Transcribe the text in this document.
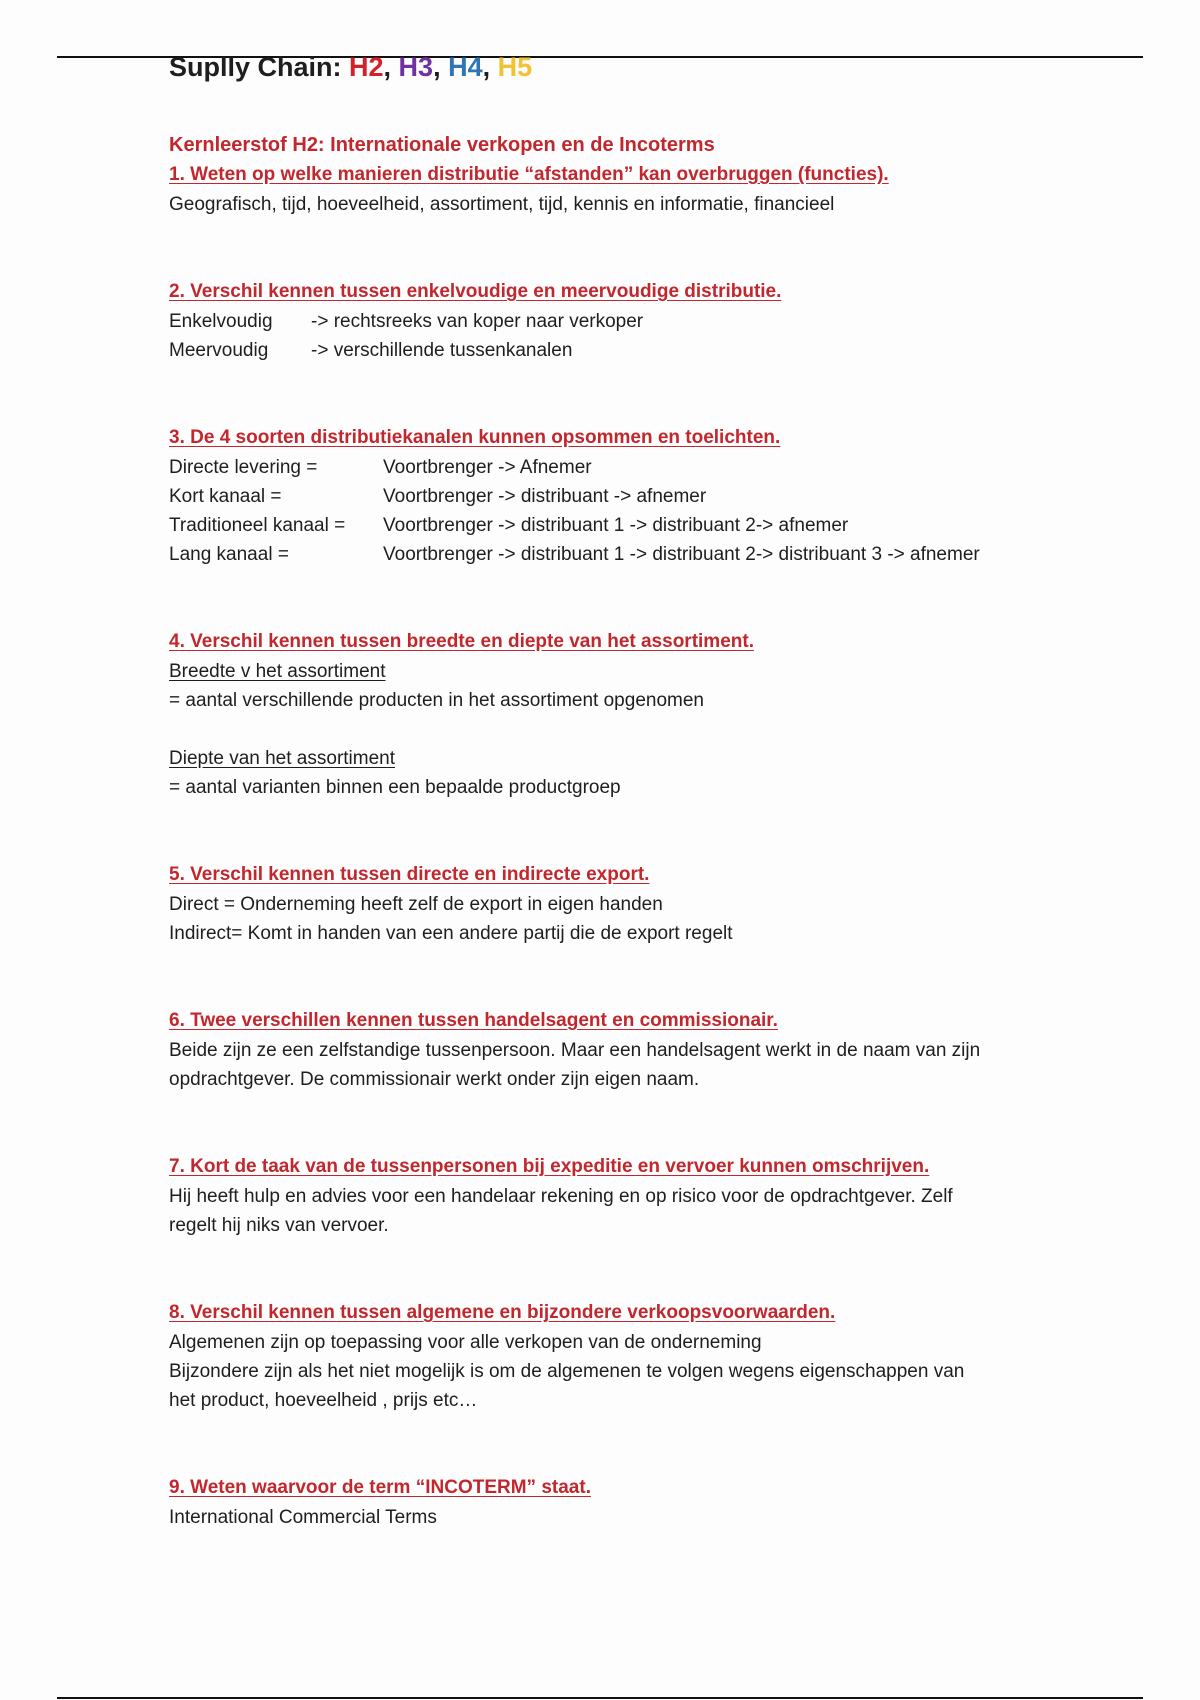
Suplly Chain: H2, H3, H4, H5

Kernleerstof H2: Internationale verkopen en de Incoterms

1. Weten op welke manieren distributie “afstanden” kan overbruggen (functies).

Geografisch, tijd, hoeveelheid, assortiment, tijd, kennis en informatie, financieel

2. Verschil kennen tussen enkelvoudige en meervoudige distributie.

Enkelvoudig	-> rechtsreeks van koper naar verkoper
Meervoudig	-> verschillende tussenkanalen

3. De 4 soorten distributiekanalen kunnen opsommen en toelichten.

Directe levering =	Voortbrenger -> Afnemer
Kort kanaal =	Voortbrenger -> distribuant -> afnemer
Traditioneel kanaal =	Voortbrenger -> distribuant 1 -> distribuant 2-> afnemer
Lang kanaal =	Voortbrenger -> distribuant 1 -> distribuant 2-> distribuant 3 -> afnemer

4. Verschil kennen tussen breedte en diepte van het assortiment.

Breedte v het assortiment

= aantal verschillende producten in het assortiment opgenomen

Diepte van het assortiment

= aantal varianten binnen een bepaalde productgroep

5. Verschil kennen tussen directe en indirecte export.

Direct = Onderneming heeft zelf de export in eigen handen

Indirect= Komt in handen van een andere partij die de export regelt

6. Twee verschillen kennen tussen handelsagent en commissionair.

Beide zijn ze een zelfstandige tussenpersoon. Maar een handelsagent werkt in de naam van zijn

opdrachtgever. De commissionair werkt onder zijn eigen naam.

7. Kort de taak van de tussenpersonen bij expeditie en vervoer kunnen omschrijven.

Hij heeft hulp en advies voor een handelaar rekening en op risico voor de opdrachtgever. Zelf

regelt hij niks van vervoer.

8. Verschil kennen tussen algemene en bijzondere verkoopsvoorwaarden.

Algemenen zijn op toepassing voor alle verkopen van de onderneming

Bijzondere zijn als het niet mogelijk is om de algemenen te volgen wegens eigenschappen van

het product, hoeveelheid , prijs etc…

9. Weten waarvoor de term “INCOTERM” staat.

International Commercial Terms
